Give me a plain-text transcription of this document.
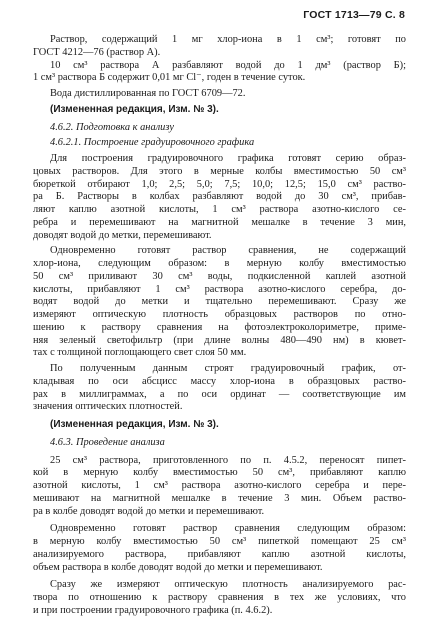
ГОСТ 1713—79 С. 8
Раствор, содержащий 1 мг хлор-иона в 1 см³; готовят по
ГОСТ 4212—76 (раствор А).
10 см³ раствора А разбавляют водой до 1 дм³ (раствор Б);
1 см³ раствора Б содержит 0,01 мг Cl⁻, годен в течение суток.
Вода дистиллированная по ГОСТ 6709—72.
(Измененная редакция, Изм. № 3).
4.6.2. Подготовка к анализу
4.6.2.1. Построение градуировочного графика
Для построения градуировочного графика готовят серию образ-
цовых растворов. Для этого в мерные колбы вместимостью 50 см³
бюреткой отбирают 1,0; 2,5; 5,0; 7,5; 10,0; 12,5; 15,0 см³ раство-
ра Б. Растворы в колбах разбавляют водой до 30 см³, прибав-
ляют каплю азотной кислоты, 1 см³ раствора азотно-кислого се-
ребра и перемешивают на магнитной мешалке в течение 3 мин,
доводят водой до метки, перемешивают.
Одновременно готовят раствор сравнения, не содержащий
хлор-иона, следующим образом: в мерную колбу вместимостью
50 см³ приливают 30 см³ воды, подкисленной каплей азотной
кислоты, прибавляют 1 см³ раствора азотно-кислого серебра, до-
водят водой до метки и тщательно перемешивают. Сразу же
измеряют оптическую плотность образцовых растворов по отно-
шению к раствору сравнения на фотоэлектроколориметре, приме-
няя зеленый светофильтр (при длине волны 480—490 нм) в кювет-
тах с толщиной поглощающего свет слоя 50 мм.
По полученным данным строят градуировочный график, от-
кладывая по оси абсцисс массу хлор-иона в образцовых раство-
рах в миллиграммах, а по оси ординат — соответствующие им
значения оптических плотностей.
(Измененная редакция, Изм. № 3).
4.6.3. Проведение анализа
25 см³ раствора, приготовленного по п. 4.5.2, переносят пипет-
кой в мерную колбу вместимостью 50 см³, прибавляют каплю
азотной кислоты, 1 см³ раствора азотно-кислого серебра и пере-
мешивают на магнитной мешалке в течение 3 мин. Объем раство-
ра в колбе доводят водой до метки и перемешивают.
Одновременно готовят раствор сравнения следующим образом:
в мерную колбу вместимостью 50 см³ пипеткой помещают 25 см³
анализируемого раствора, прибавляют каплю азотной кислоты,
объем раствора в колбе доводят водой до метки и перемешивают.
Сразу же измеряют оптическую плотность анализируемого рас-
твора по отношению к раствору сравнения в тех же условиях, что
и при построении градуировочного графика (п. 4.6.2).
